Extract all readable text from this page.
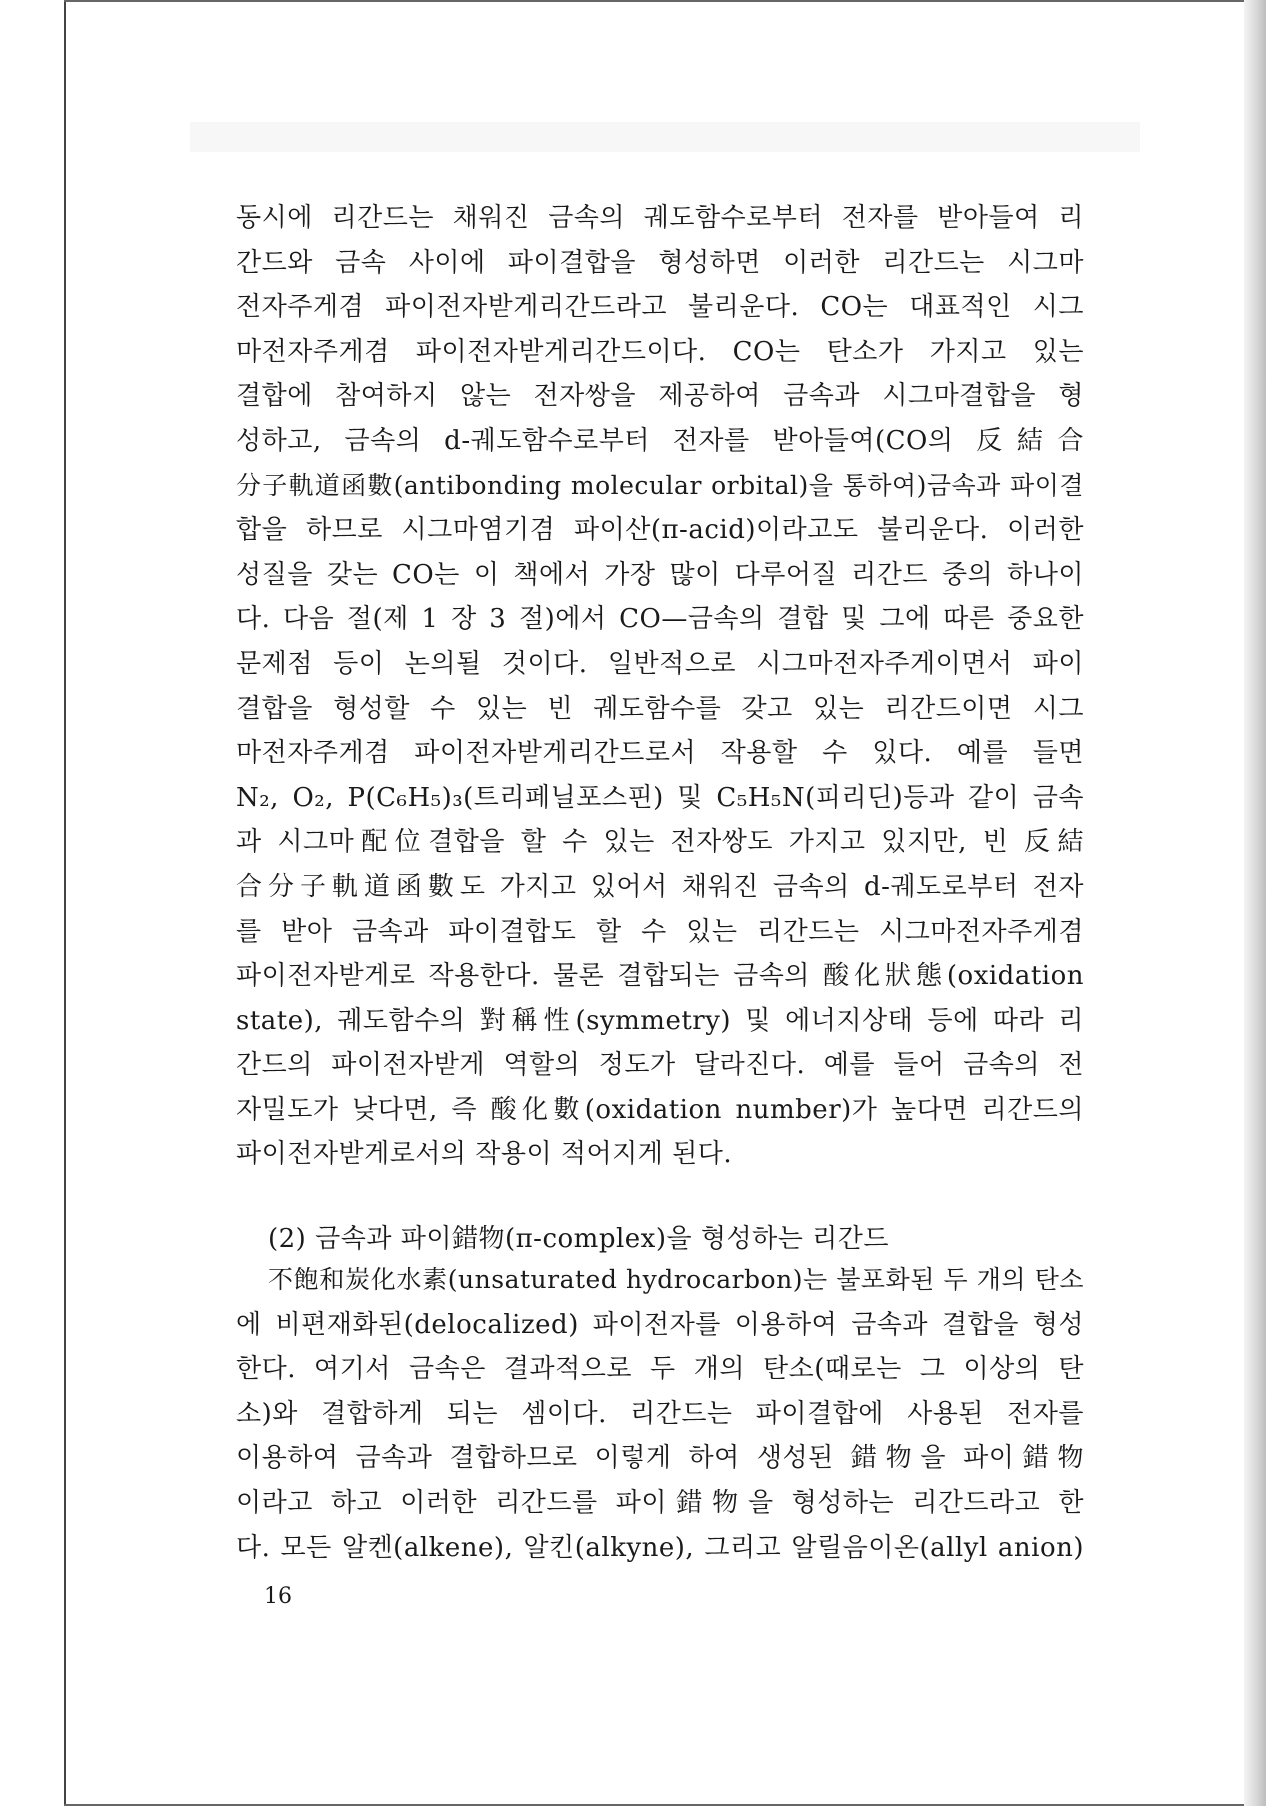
동시에 리간드는 채워진 금속의 궤도함수로부터 전자를 받아들여 리
간드와 금속 사이에 파이결합을 형성하면 이러한 리간드는 시그마
전자주게겸 파이전자받게리간드라고 불리운다. CO는 대표적인 시그
마전자주게겸 파이전자받게리간드이다. CO는 탄소가 가지고 있는
결합에 참여하지 않는 전자쌍을 제공하여 금속과 시그마결합을 형
성하고, 금속의 d-궤도함수로부터 전자를 받아들여(CO의 反結合
分子軌道函數(antibonding molecular orbital)을 통하여)금속과 파이결
합을 하므로 시그마염기겸 파이산(π-acid)이라고도 불리운다. 이러한
성질을 갖는 CO는 이 책에서 가장 많이 다루어질 리간드 중의 하나이
다. 다음 절(제 1 장 3 절)에서 CO—금속의 결합 및 그에 따른 중요한
문제점 등이 논의될 것이다. 일반적으로 시그마전자주게이면서 파이
결합을 형성할 수 있는 빈 궤도함수를 갖고 있는 리간드이면 시그
마전자주게겸 파이전자받게리간드로서 작용할 수 있다. 예를 들면
N₂, O₂, P(C₆H₅)₃(트리페닐포스핀) 및 C₅H₅N(피리딘)등과 같이 금속
과 시그마配位결합을 할 수 있는 전자쌍도 가지고 있지만, 빈 反結
合分子軌道函數도 가지고 있어서 채워진 금속의 d-궤도로부터 전자
를 받아 금속과 파이결합도 할 수 있는 리간드는 시그마전자주게겸
파이전자받게로 작용한다. 물론 결합되는 금속의 酸化狀態(oxidation
state), 궤도함수의 對稱性(symmetry) 및 에너지상태 등에 따라 리
간드의 파이전자받게 역할의 정도가 달라진다. 예를 들어 금속의 전
자밀도가 낮다면, 즉 酸化數(oxidation number)가 높다면 리간드의
파이전자받게로서의 작용이 적어지게 된다.
(2) 금속과 파이錯物(π-complex)을 형성하는 리간드
不飽和炭化水素(unsaturated hydrocarbon)는 불포화된 두 개의 탄소
에 비편재화된(delocalized) 파이전자를 이용하여 금속과 결합을 형성
한다. 여기서 금속은 결과적으로 두 개의 탄소(때로는 그 이상의 탄
소)와 결합하게 되는 셈이다. 리간드는 파이결합에 사용된 전자를
이용하여 금속과 결합하므로 이렇게 하여 생성된 錯物을 파이錯物
이라고 하고 이러한 리간드를 파이錯物을 형성하는 리간드라고 한
다. 모든 알켄(alkene), 알킨(alkyne), 그리고 알릴음이온(allyl anion)
16
